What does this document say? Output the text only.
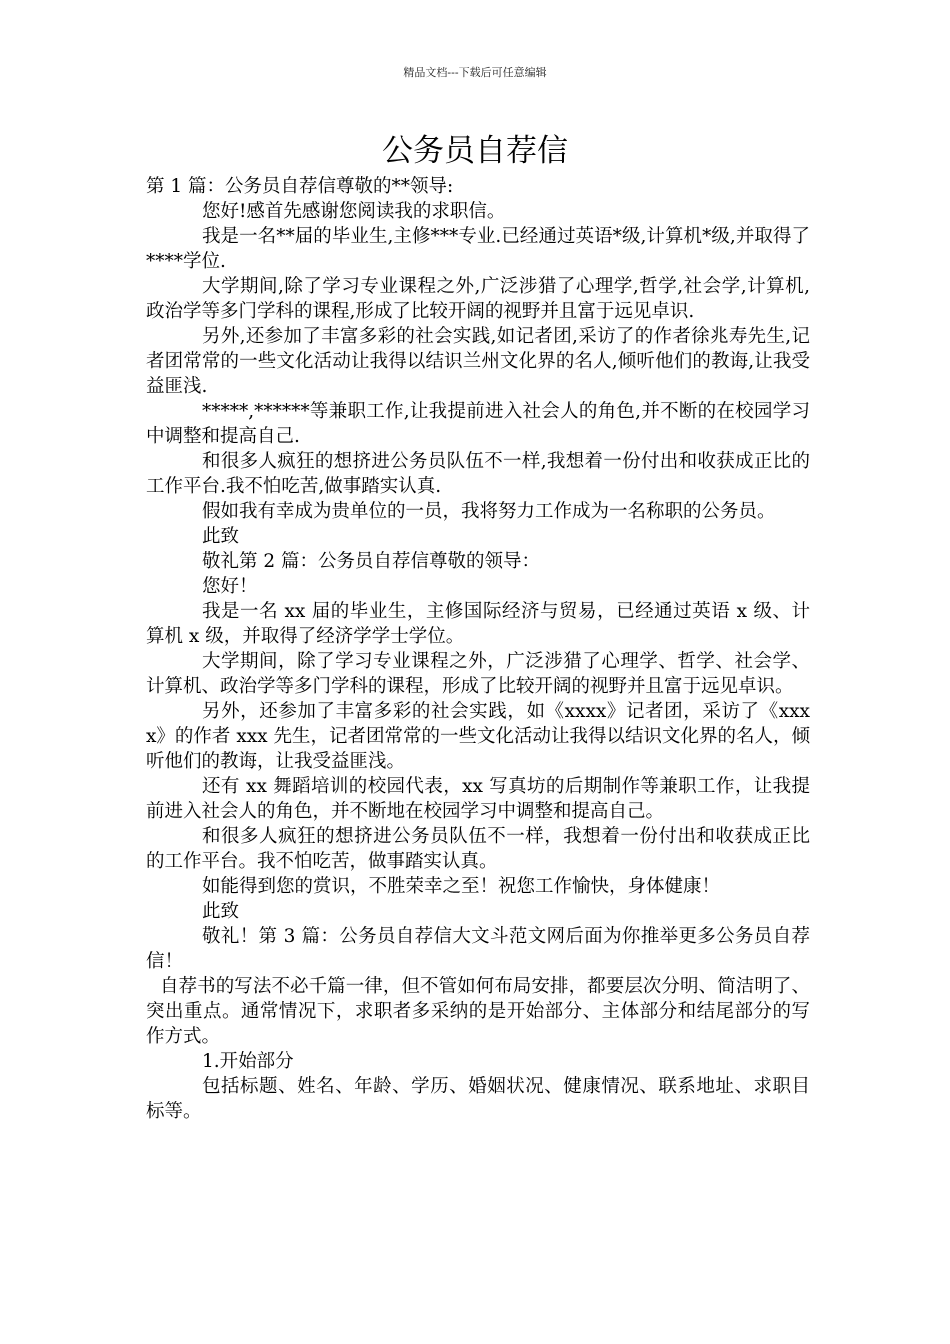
精品文档---下载后可任意编辑
公务员自荐信

第 1 篇：公务员自荐信尊敬的**领导:

您好!感首先感谢您阅读我的求职信。

我是一名**届的毕业生,主修***专业.已经通过英语*级,计算机*级,并取得了****学位.

大学期间,除了学习专业课程之外,广泛涉猎了心理学,哲学,社会学,计算机,政治学等多门学科的课程,形成了比较开阔的视野并且富于远见卓识.

另外,还参加了丰富多彩的社会实践,如记者团,采访了的作者徐兆寿先生,记者团常常的一些文化活动让我得以结识兰州文化界的名人,倾听他们的教诲,让我受益匪浅.

*****,******等兼职工作,让我提前进入社会人的角色,并不断的在校园学习中调整和提高自己.

和很多人疯狂的想挤进公务员队伍不一样,我想着一份付出和收获成正比的工作平台.我不怕吃苦,做事踏实认真.

假如我有幸成为贵单位的一员，我将努力工作成为一名称职的公务员。

此致

敬礼第 2 篇：公务员自荐信尊敬的领导：

您好！

我是一名 xx 届的毕业生，主修国际经济与贸易，已经通过英语 x 级、计算机 x 级，并取得了经济学学士学位。

大学期间，除了学习专业课程之外，广泛涉猎了心理学、哲学、社会学、计算机、政治学等多门学科的课程，形成了比较开阔的视野并且富于远见卓识。

另外，还参加了丰富多彩的社会实践，如《xxxx》记者团，采访了《xxxx》的作者 xxx 先生，记者团常常的一些文化活动让我得以结识文化界的名人，倾听他们的教诲，让我受益匪浅。

还有 xx 舞蹈培训的校园代表，xx 写真坊的后期制作等兼职工作，让我提前进入社会人的角色，并不断地在校园学习中调整和提高自己。

和很多人疯狂的想挤进公务员队伍不一样，我想着一份付出和收获成正比的工作平台。我不怕吃苦，做事踏实认真。

如能得到您的赏识，不胜荣幸之至！祝您工作愉快，身体健康！

此致

敬礼！第 3 篇：公务员自荐信大文斗范文网后面为你推举更多公务员自荐信！

自荐书的写法不必千篇一律，但不管如何布局安排，都要层次分明、简洁明了、突出重点。通常情况下，求职者多采纳的是开始部分、主体部分和结尾部分的写作方式。

1.开始部分

包括标题、姓名、年龄、学历、婚姻状况、健康情况、联系地址、求职目标等。
